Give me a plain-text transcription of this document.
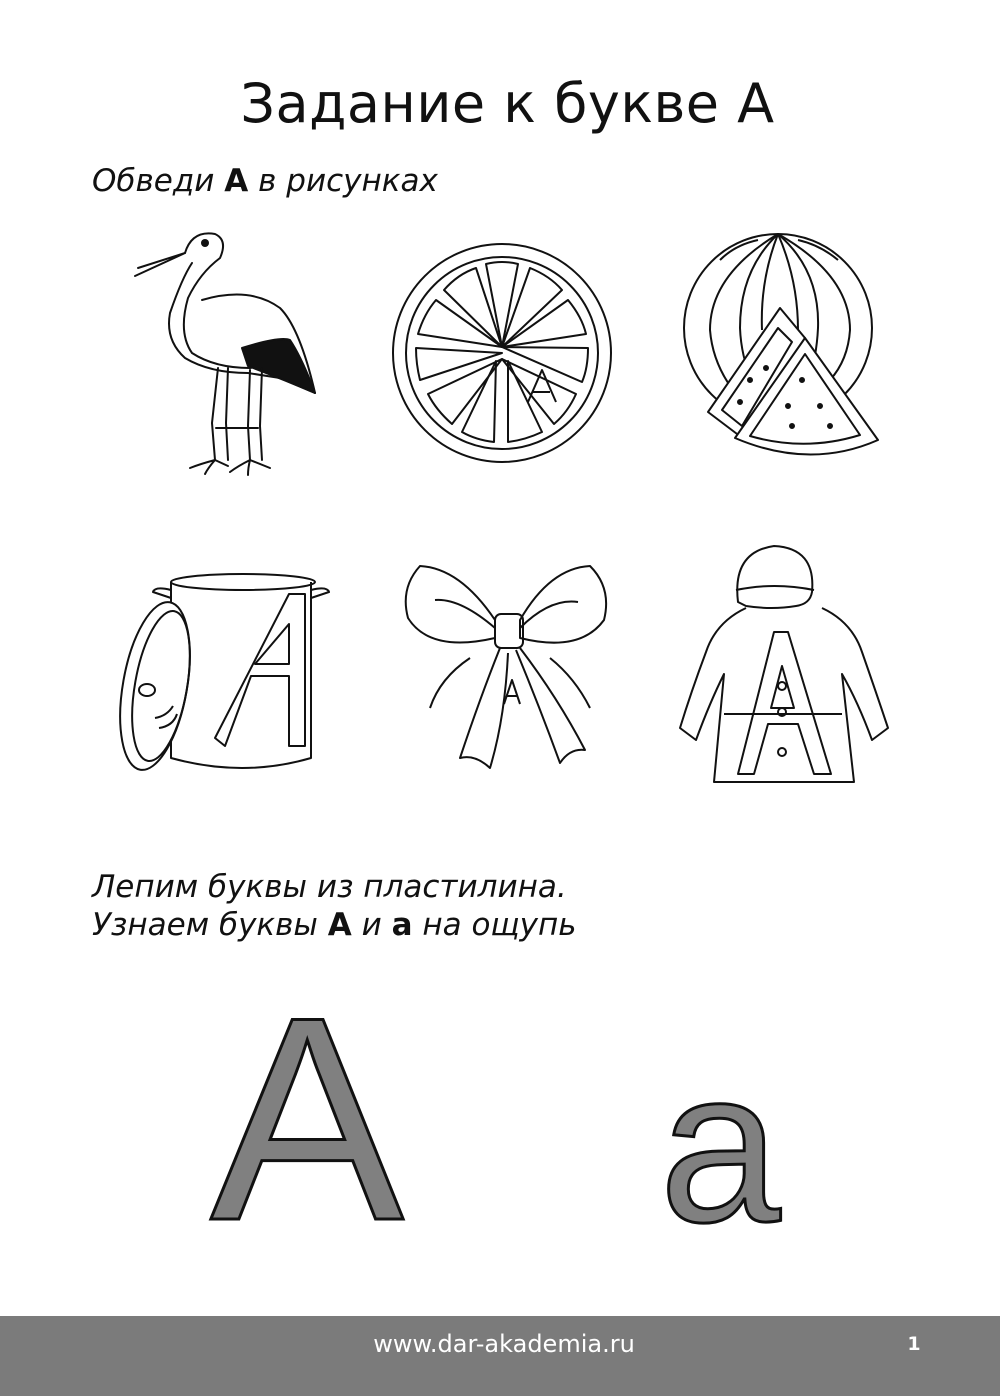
Задание к букве А

Обведи А в рисунках

Лепим буквы из пластилина.
Узнаем буквы А и а на ощупь

A a
www.dar-akademia.ru	1
